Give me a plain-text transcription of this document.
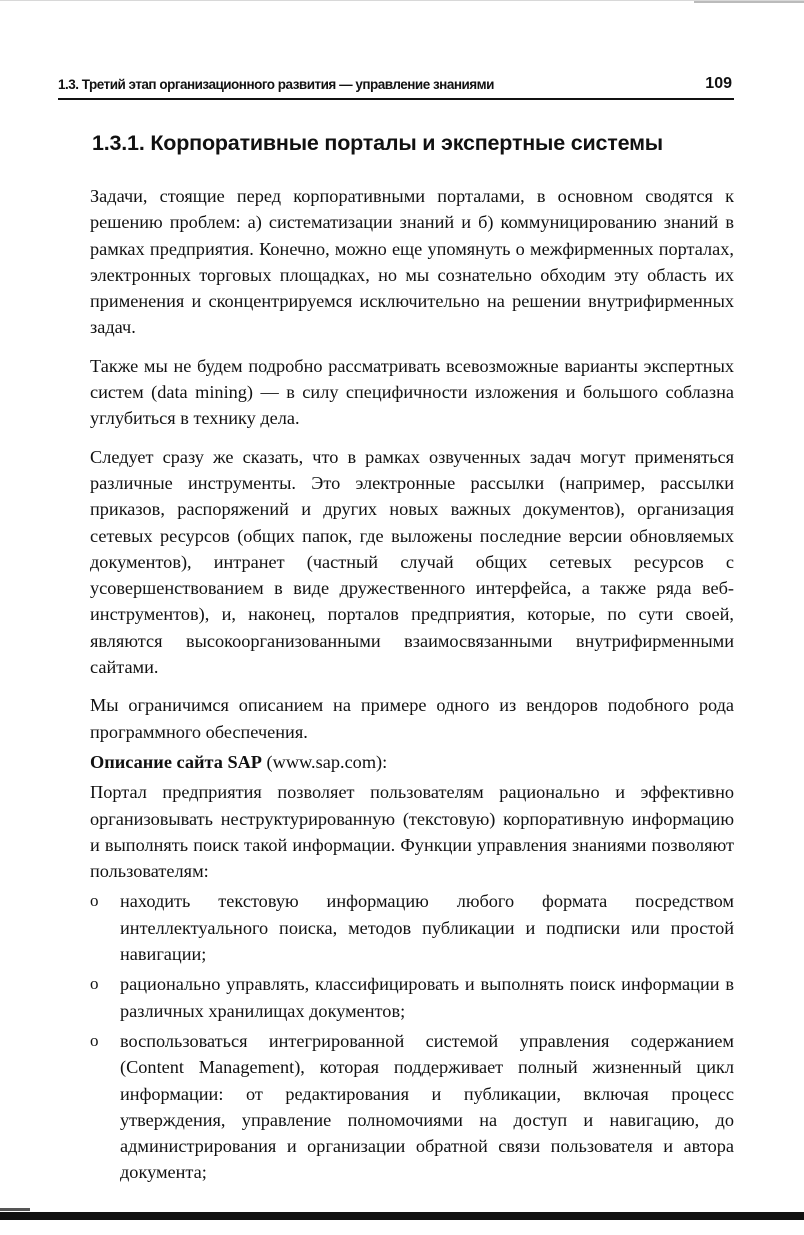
1.3. Третий этап организационного развития — управление знаниями	109
1.3.1. Корпоративные порталы и экспертные системы

Задачи, стоящие перед корпоративными порталами, в основном сводятся к решению проблем: а) систематизации знаний и б) коммуницированию знаний в рамках предприятия. Конечно, можно еще упомянуть о межфирменных порталах, электронных торговых площадках, но мы сознательно обходим эту область их применения и сконцентрируемся исключительно на решении внутрифирменных задач.

Также мы не будем подробно рассматривать всевозможные варианты экспертных систем (data mining) — в силу специфичности изложения и большого соблазна углубиться в технику дела.

Следует сразу же сказать, что в рамках озвученных задач могут применяться различные инструменты. Это электронные рассылки (например, рассылки приказов, распоряжений и других новых важных документов), организация сетевых ресурсов (общих папок, где выложены последние версии обновляемых документов), интранет (частный случай общих сетевых ресурсов с усовершенствованием в виде дружественного интерфейса, а также ряда веб-инструментов), и, наконец, порталов предприятия, которые, по сути своей, являются высокоорганизованными взаимосвязанными внутрифирменными сайтами.

Мы ограничимся описанием на примере одного из вендоров подобного рода программного обеспечения.

Описание сайта SAP (www.sap.com):

Портал предприятия позволяет пользователям рационально и эффективно организовывать неструктурированную (текстовую) корпоративную информацию и выполнять поиск такой информации. Функции управления знаниями позволяют пользователям:

o	находить текстовую информацию любого формата посредством интеллектуального поиска, методов публикации и подписки или простой навигации;
o	рационально управлять, классифицировать и выполнять поиск информации в различных хранилищах документов;
o	воспользоваться интегрированной системой управления содержанием (Content Management), которая поддерживает полный жизненный цикл информации: от редактирования и публикации, включая процесс утверждения, управление полномочиями на доступ и навигацию, до администрирования и организации обратной связи пользователя и автора документа;
